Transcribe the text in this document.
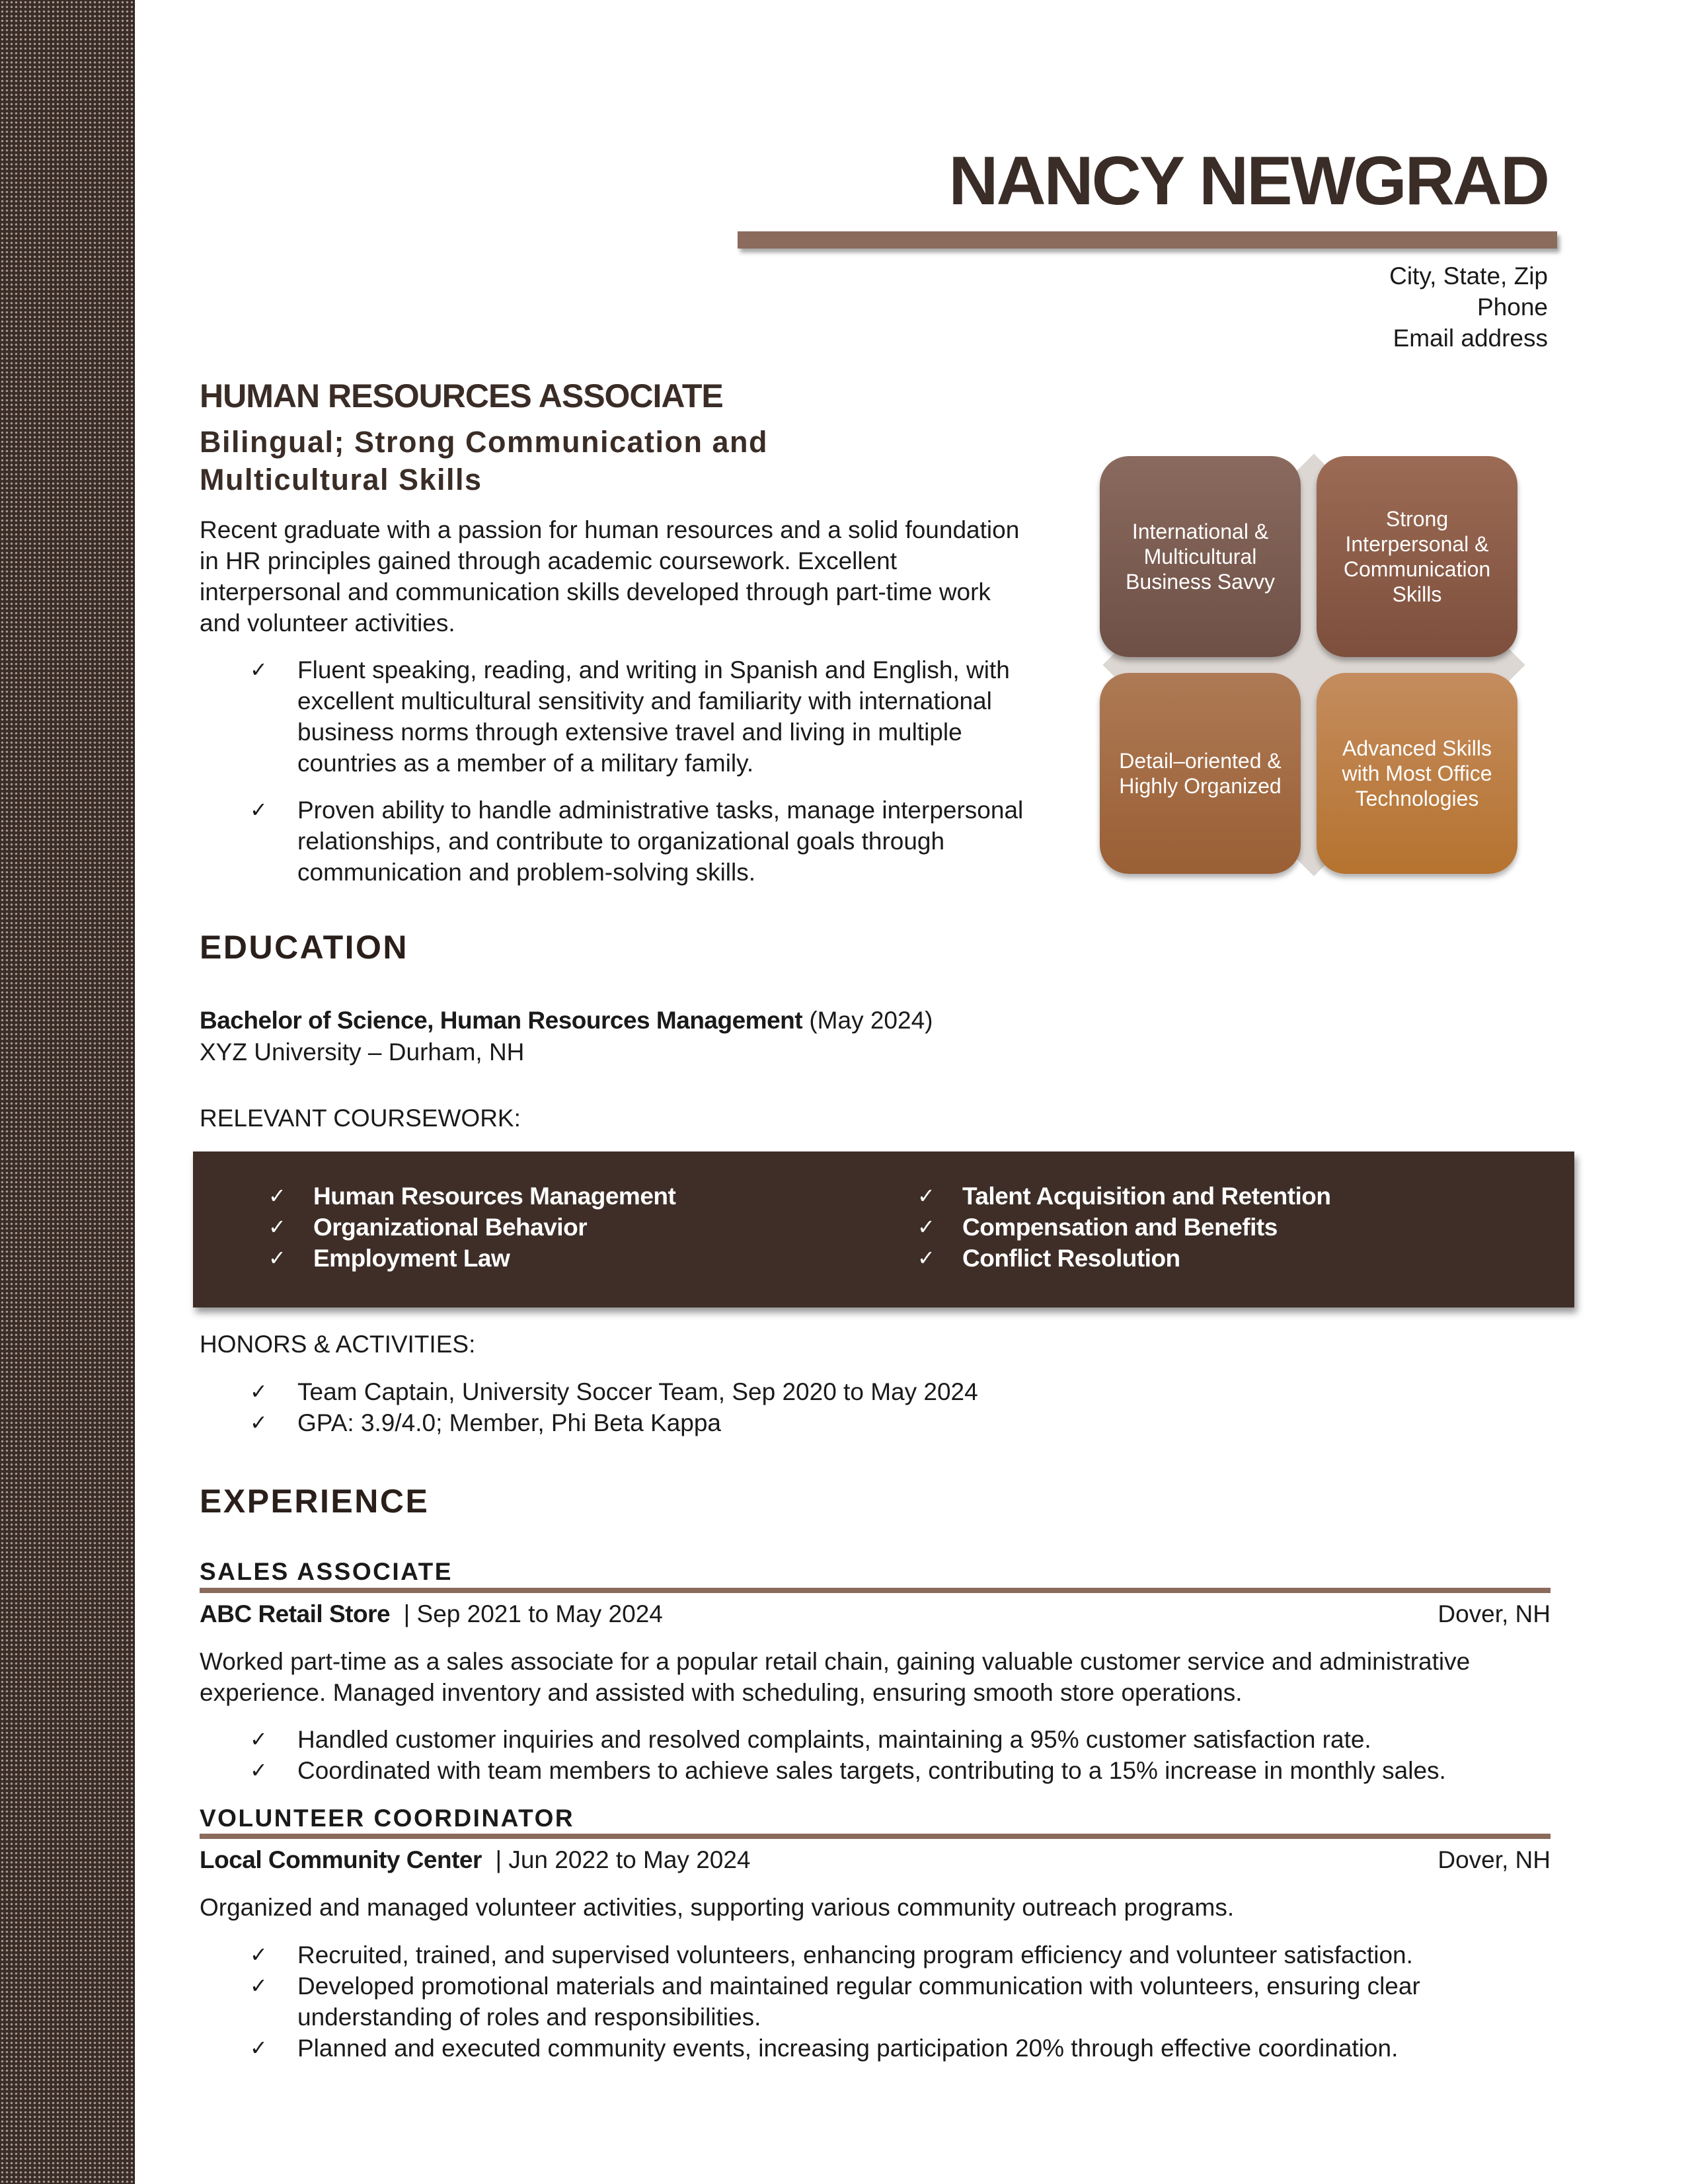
NANCY NEWGRAD
City, State, Zip
Phone
Email address
HUMAN RESOURCES ASSOCIATE
Bilingual; Strong Communication and Multicultural Skills
Recent graduate with a passion for human resources and a solid foundation in HR principles gained through academic coursework. Excellent interpersonal and communication skills developed through part-time work and volunteer activities.
✓ Fluent speaking, reading, and writing in Spanish and English, with excellent multicultural sensitivity and familiarity with international business norms through extensive travel and living in multiple countries as a member of a military family.
✓ Proven ability to handle administrative tasks, manage interpersonal relationships, and contribute to organizational goals through communication and problem-solving skills.
International & Multicultural Business Savvy
Strong Interpersonal & Communication Skills
Detail–oriented & Highly Organized
Advanced Skills with Most Office Technologies
EDUCATION
Bachelor of Science, Human Resources Management (May 2024)
XYZ University – Durham, NH
RELEVANT COURSEWORK:
✓ Human Resources Management
✓ Organizational Behavior
✓ Employment Law
✓ Talent Acquisition and Retention
✓ Compensation and Benefits
✓ Conflict Resolution
HONORS & ACTIVITIES:
✓ Team Captain, University Soccer Team, Sep 2020 to May 2024
✓ GPA: 3.9/4.0; Member, Phi Beta Kappa
EXPERIENCE
SALES ASSOCIATE
ABC Retail Store  | Sep 2021 to May 2024	Dover, NH
Worked part-time as a sales associate for a popular retail chain, gaining valuable customer service and administrative experience. Managed inventory and assisted with scheduling, ensuring smooth store operations.
✓ Handled customer inquiries and resolved complaints, maintaining a 95% customer satisfaction rate.
✓ Coordinated with team members to achieve sales targets, contributing to a 15% increase in monthly sales.
VOLUNTEER COORDINATOR
Local Community Center  | Jun 2022 to May 2024	Dover, NH
Organized and managed volunteer activities, supporting various community outreach programs.
✓ Recruited, trained, and supervised volunteers, enhancing program efficiency and volunteer satisfaction.
✓ Developed promotional materials and maintained regular communication with volunteers, ensuring clear understanding of roles and responsibilities.
✓ Planned and executed community events, increasing participation 20% through effective coordination.
